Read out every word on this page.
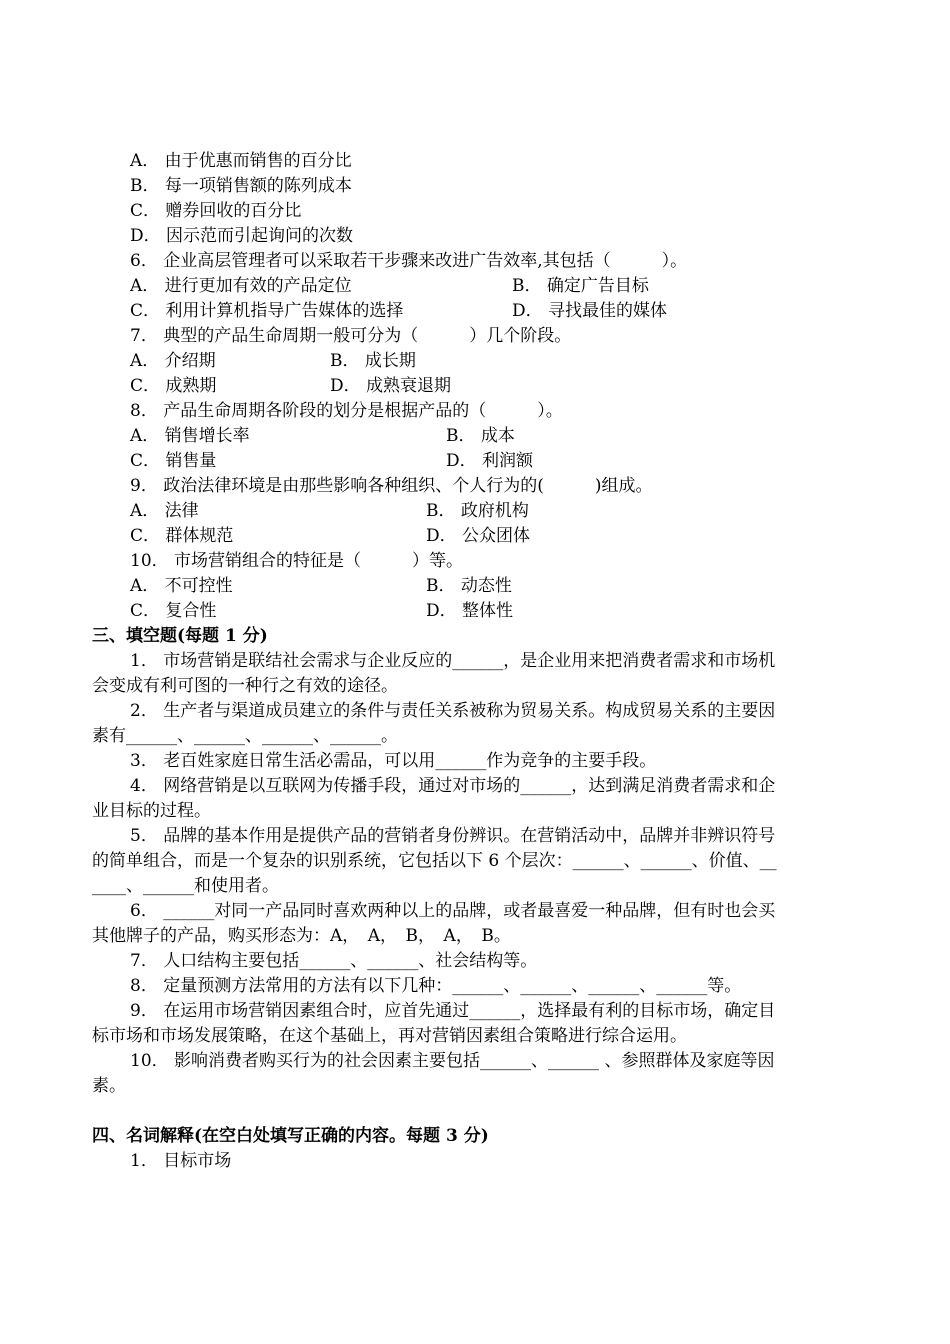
A． 由于优惠而销售的百分比
B． 每一项销售额的陈列成本
C． 赠券回收的百分比
D． 因示范而引起询问的次数
6． 企业高层管理者可以采取若干步骤来改进广告效率,其包括（　　　）。
A． 进行更加有效的产品定位	B． 确定广告目标
C． 利用计算机指导广告媒体的选择	D． 寻找最佳的媒体
7． 典型的产品生命周期一般可分为（　　　）几个阶段。
A． 介绍期	B． 成长期
C． 成熟期	D． 成熟衰退期
8． 产品生命周期各阶段的划分是根据产品的（　　　）。
A． 销售增长率	B． 成本
C． 销售量	D． 利润额
9． 政治法律环境是由那些影响各种组织、个人行为的(　　　)组成。
A． 法律	B． 政府机构
C． 群体规范	D． 公众团体
10． 市场营销组合的特征是（　　　）等。
A． 不可控性	B． 动态性
C． 复合性	D． 整体性
三、填空题(每题 1 分)
1． 市场营销是联结社会需求与企业反应的______，是企业用来把消费者需求和市场机
会变成有利可图的一种行之有效的途径。
2． 生产者与渠道成员建立的条件与责任关系被称为贸易关系。构成贸易关系的主要因
素有______、______、______、______。
3． 老百姓家庭日常生活必需品，可以用______作为竞争的主要手段。
4． 网络营销是以互联网为传播手段，通过对市场的______，达到满足消费者需求和企
业目标的过程。
5． 品牌的基本作用是提供产品的营销者身份辨识。在营销活动中，品牌并非辨识符号
的简单组合，而是一个复杂的识别系统，它包括以下 6 个层次：______、______、价值、__
____、______和使用者。
6． ______对同一产品同时喜欢两种以上的品牌，或者最喜爱一种品牌，但有时也会买
其他牌子的产品，购买形态为：A，　A，　B，　A，　B。
7． 人口结构主要包括______、______、社会结构等。
8． 定量预测方法常用的方法有以下几种：______、______、______、______等。
9． 在运用市场营销因素组合时，应首先通过______，选择最有利的目标市场，确定目
标市场和市场发展策略，在这个基础上，再对营销因素组合策略进行综合运用。
10． 影响消费者购买行为的社会因素主要包括______、______ 、参照群体及家庭等因
素。
四、名词解释(在空白处填写正确的内容。每题 3 分)
1． 目标市场
